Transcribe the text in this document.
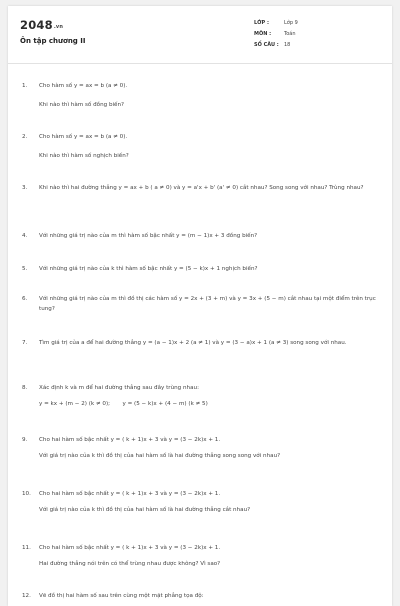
2048.vn
Ôn tập chương II
LỚP :	Lớp 9
MÔN :	Toán
SỐ CÂU :	18
1. Cho hàm số y = ax = b (a ≠ 0).
Khi nào thì hàm số đồng biến?
2. Cho hàm số y = ax = b (a ≠ 0).
Khi nào thì hàm số nghịch biến?
3. Khi nào thì hai đường thẳng y = ax + b ( a ≠ 0) và y = a'x + b' (a' ≠ 0) cắt nhau? Song song với nhau? Trùng nhau?
4. Với những giá trị nào của m thì hàm số bậc nhất y = (m − 1)x + 3 đồng biến?
5. Với những giá trị nào của k thì hàm số bậc nhất y = (5 − k)x + 1 nghịch biến?
6. Với những giá trị nào của m thì đồ thị các hàm số y = 2x + (3 + m) và y = 3x + (5 − m) cắt nhau tại một điểm trên trục tung?
7. Tìm giá trị của a để hai đường thẳng y = (a − 1)x + 2 (a ≠ 1) và y = (3 − a)x + 1 (a ≠ 3) song song với nhau.
8. Xác định k và m để hai đường thẳng sau đây trùng nhau:
y = kx + (m − 2) (k ≠ 0);       y = (5 − k)x + (4 − m) (k ≠ 5)
9. Cho hai hàm số bậc nhất y = ( k + 1)x + 3 và y = (3 − 2k)x + 1.
Với giá trị nào của k thì đồ thị của hai hàm số là hai đường thẳng song song với nhau?
10. Cho hai hàm số bậc nhất y = ( k + 1)x + 3 và y = (3 − 2k)x + 1.
Với giá trị nào của k thì đồ thị của hai hàm số là hai đường thẳng cắt nhau?
11. Cho hai hàm số bậc nhất y = ( k + 1)x + 3 và y = (3 − 2k)x + 1.
Hai đường thẳng nói trên có thể trùng nhau được không? Vì sao?
12. Vẽ đồ thị hai hàm số sau trên cùng một mặt phẳng tọa độ:
